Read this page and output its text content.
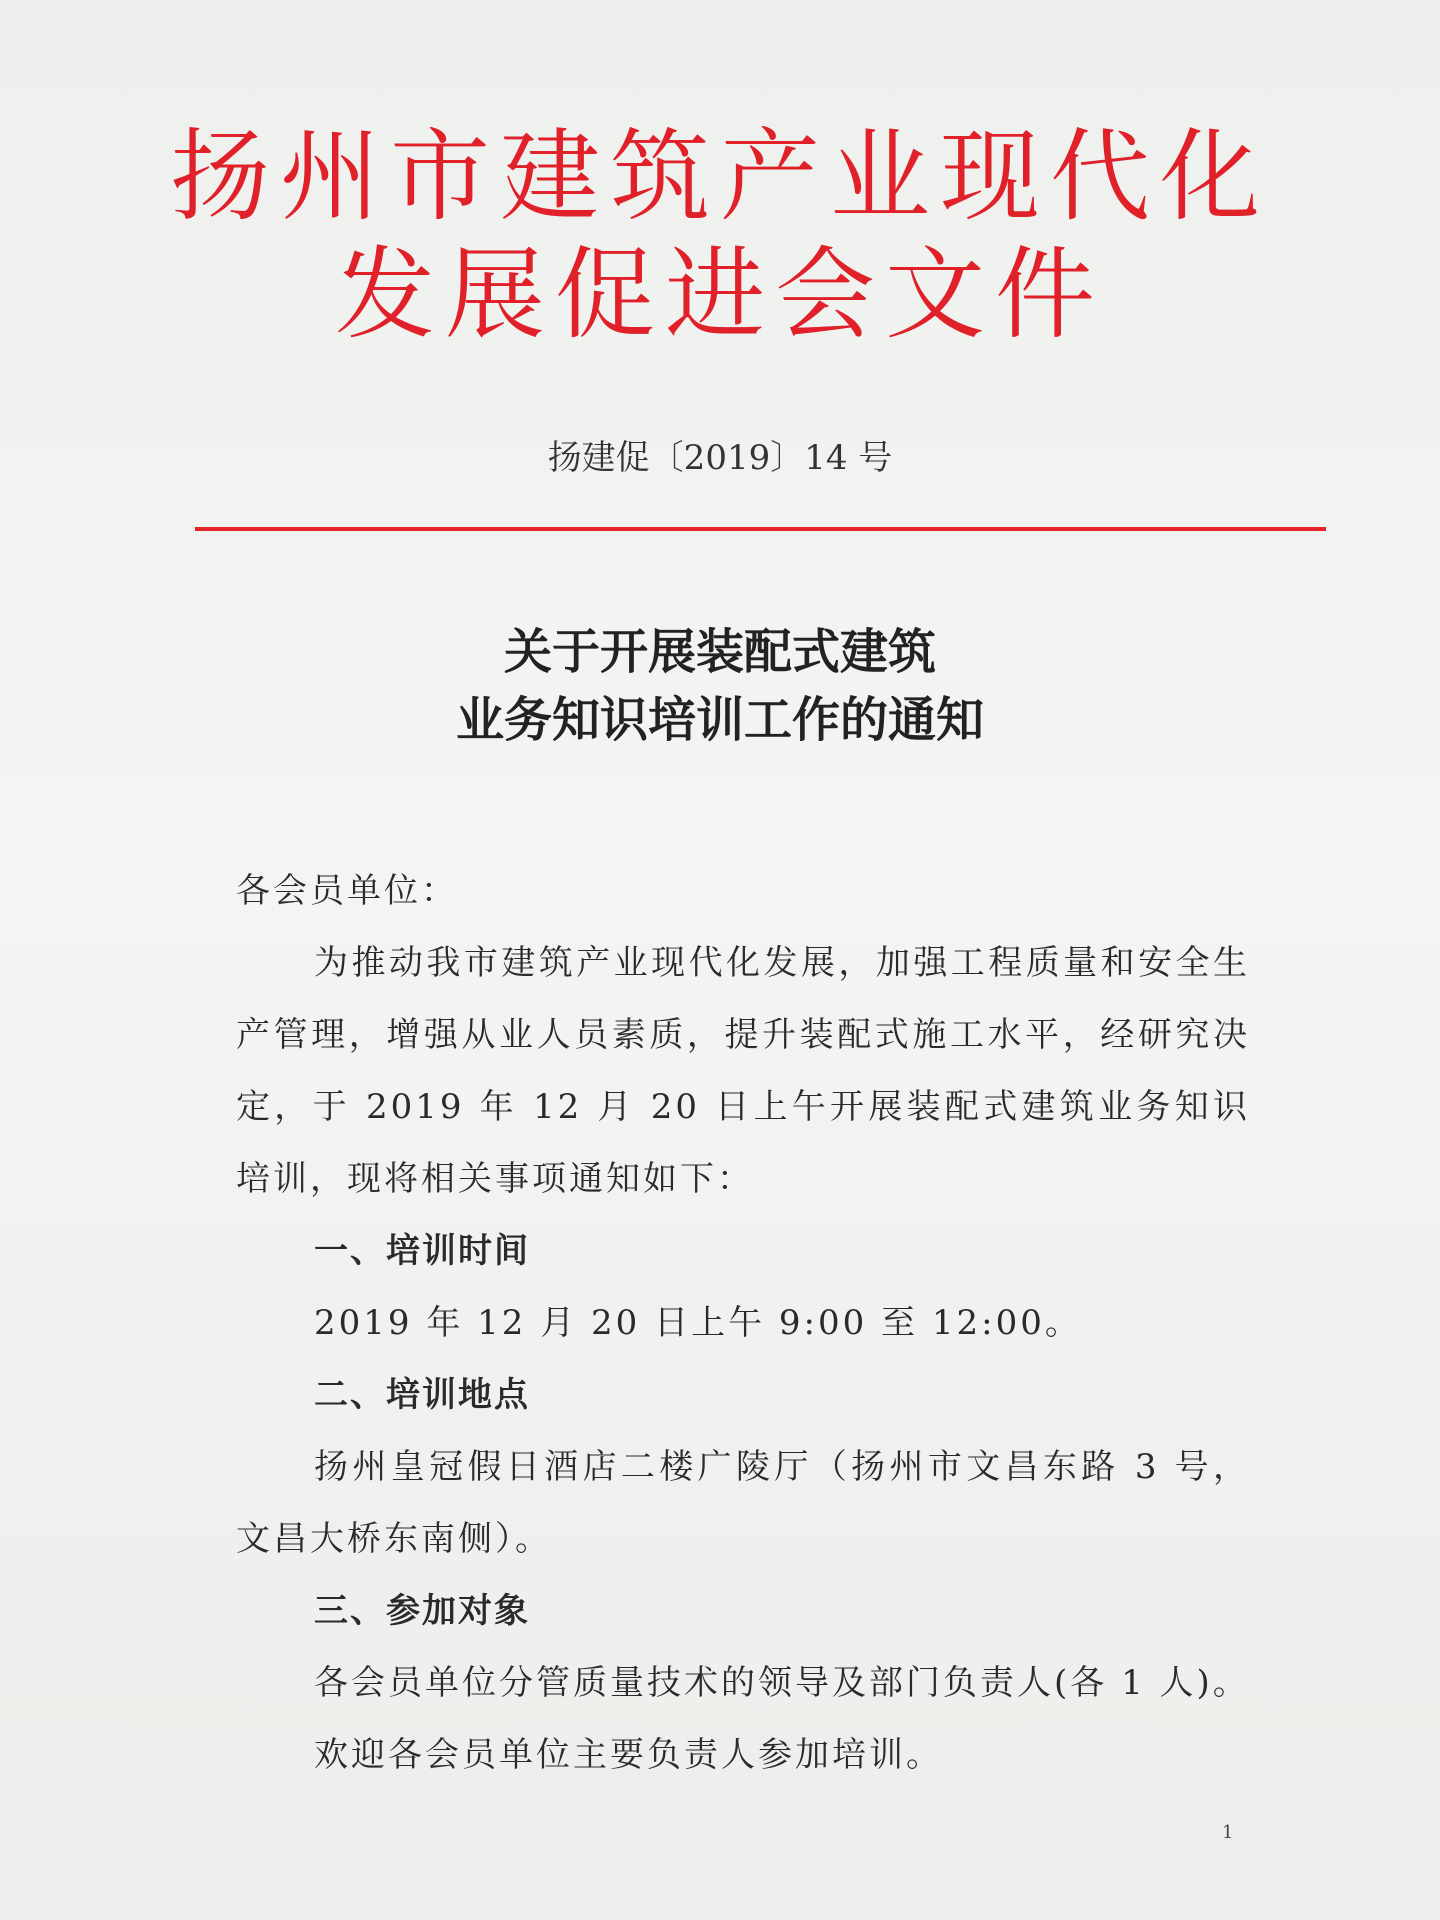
扬州市建筑产业现代化
发展促进会文件
扬建促〔2019〕14 号
关于开展装配式建筑
业务知识培训工作的通知

各会员单位：

为推动我市建筑产业现代化发展，加强工程质量和安全生产管理，增强从业人员素质，提升装配式施工水平，经研究决定，于 2019 年 12 月 20 日上午开展装配式建筑业务知识培训，现将相关事项通知如下：

一、培训时间

2019 年 12 月 20 日上午 9:00 至 12:00。

二、培训地点

扬州皇冠假日酒店二楼广陵厅（扬州市文昌东路 3 号，文昌大桥东南侧）。

三、参加对象

各会员单位分管质量技术的领导及部门负责人(各 1 人)。

欢迎各会员单位主要负责人参加培训。

1
